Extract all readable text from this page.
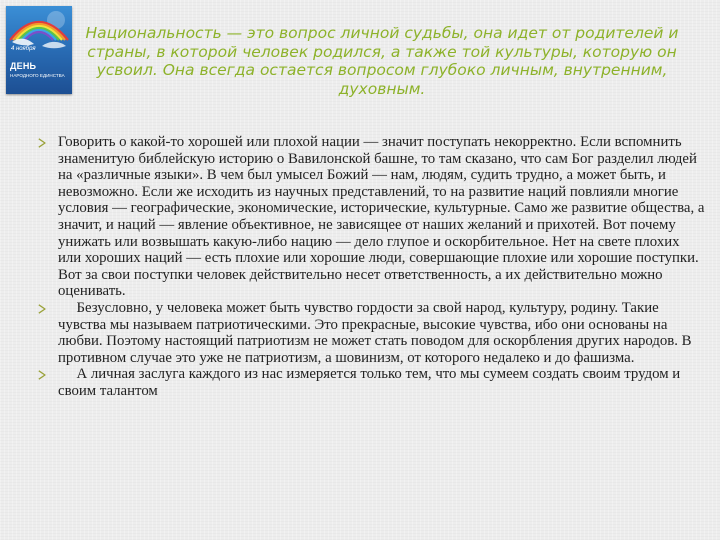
4 ноября
ДЕНЬ
НАРОДНОГО ЕДИНСТВА
Национальность — это вопрос личной судьбы, она идет от родителей и страны, в которой человек родился, а также той культуры, которую он усвоил. Она всегда остается вопросом глубоко личным, внутренним, духовным.
Говорить о какой-то хорошей или плохой нации — значит поступать некорректно. Если вспомнить знаменитую библейскую историю о Вавилонской башне, то там сказано, что сам Бог разделил людей на «различные языки». В чем был умысел Божий — нам, людям, судить трудно, а может быть, и невозможно. Если же исходить из научных представлений, то на развитие наций повлияли многие условия — географические, экономические, исторические, культурные. Само же развитие общества, а значит, и наций — явление объективное, не зависящее от наших желаний и прихотей. Вот почему унижать или возвышать какую-либо нацию — дело глупое и оскорбительное. Нет на свете плохих или хороших наций — есть плохие или хорошие люди, совершающие плохие или хорошие поступки. Вот за свои поступки человек действительно несет ответственность, а их действительно можно оценивать.
Безусловно, у человека может быть чувство гордости за свой народ, культуру, родину. Такие чувства мы называем патриотическими. Это прекрасные, высокие чувства, ибо они основаны на любви. Поэтому настоящий патриотизм не может стать поводом для оскорбления других народов. В противном случае это уже не патриотизм, а шовинизм, от которого недалеко и до фашизма.
А личная заслуга каждого из нас измеряется только тем, что мы сумеем создать своим трудом и своим талантом
